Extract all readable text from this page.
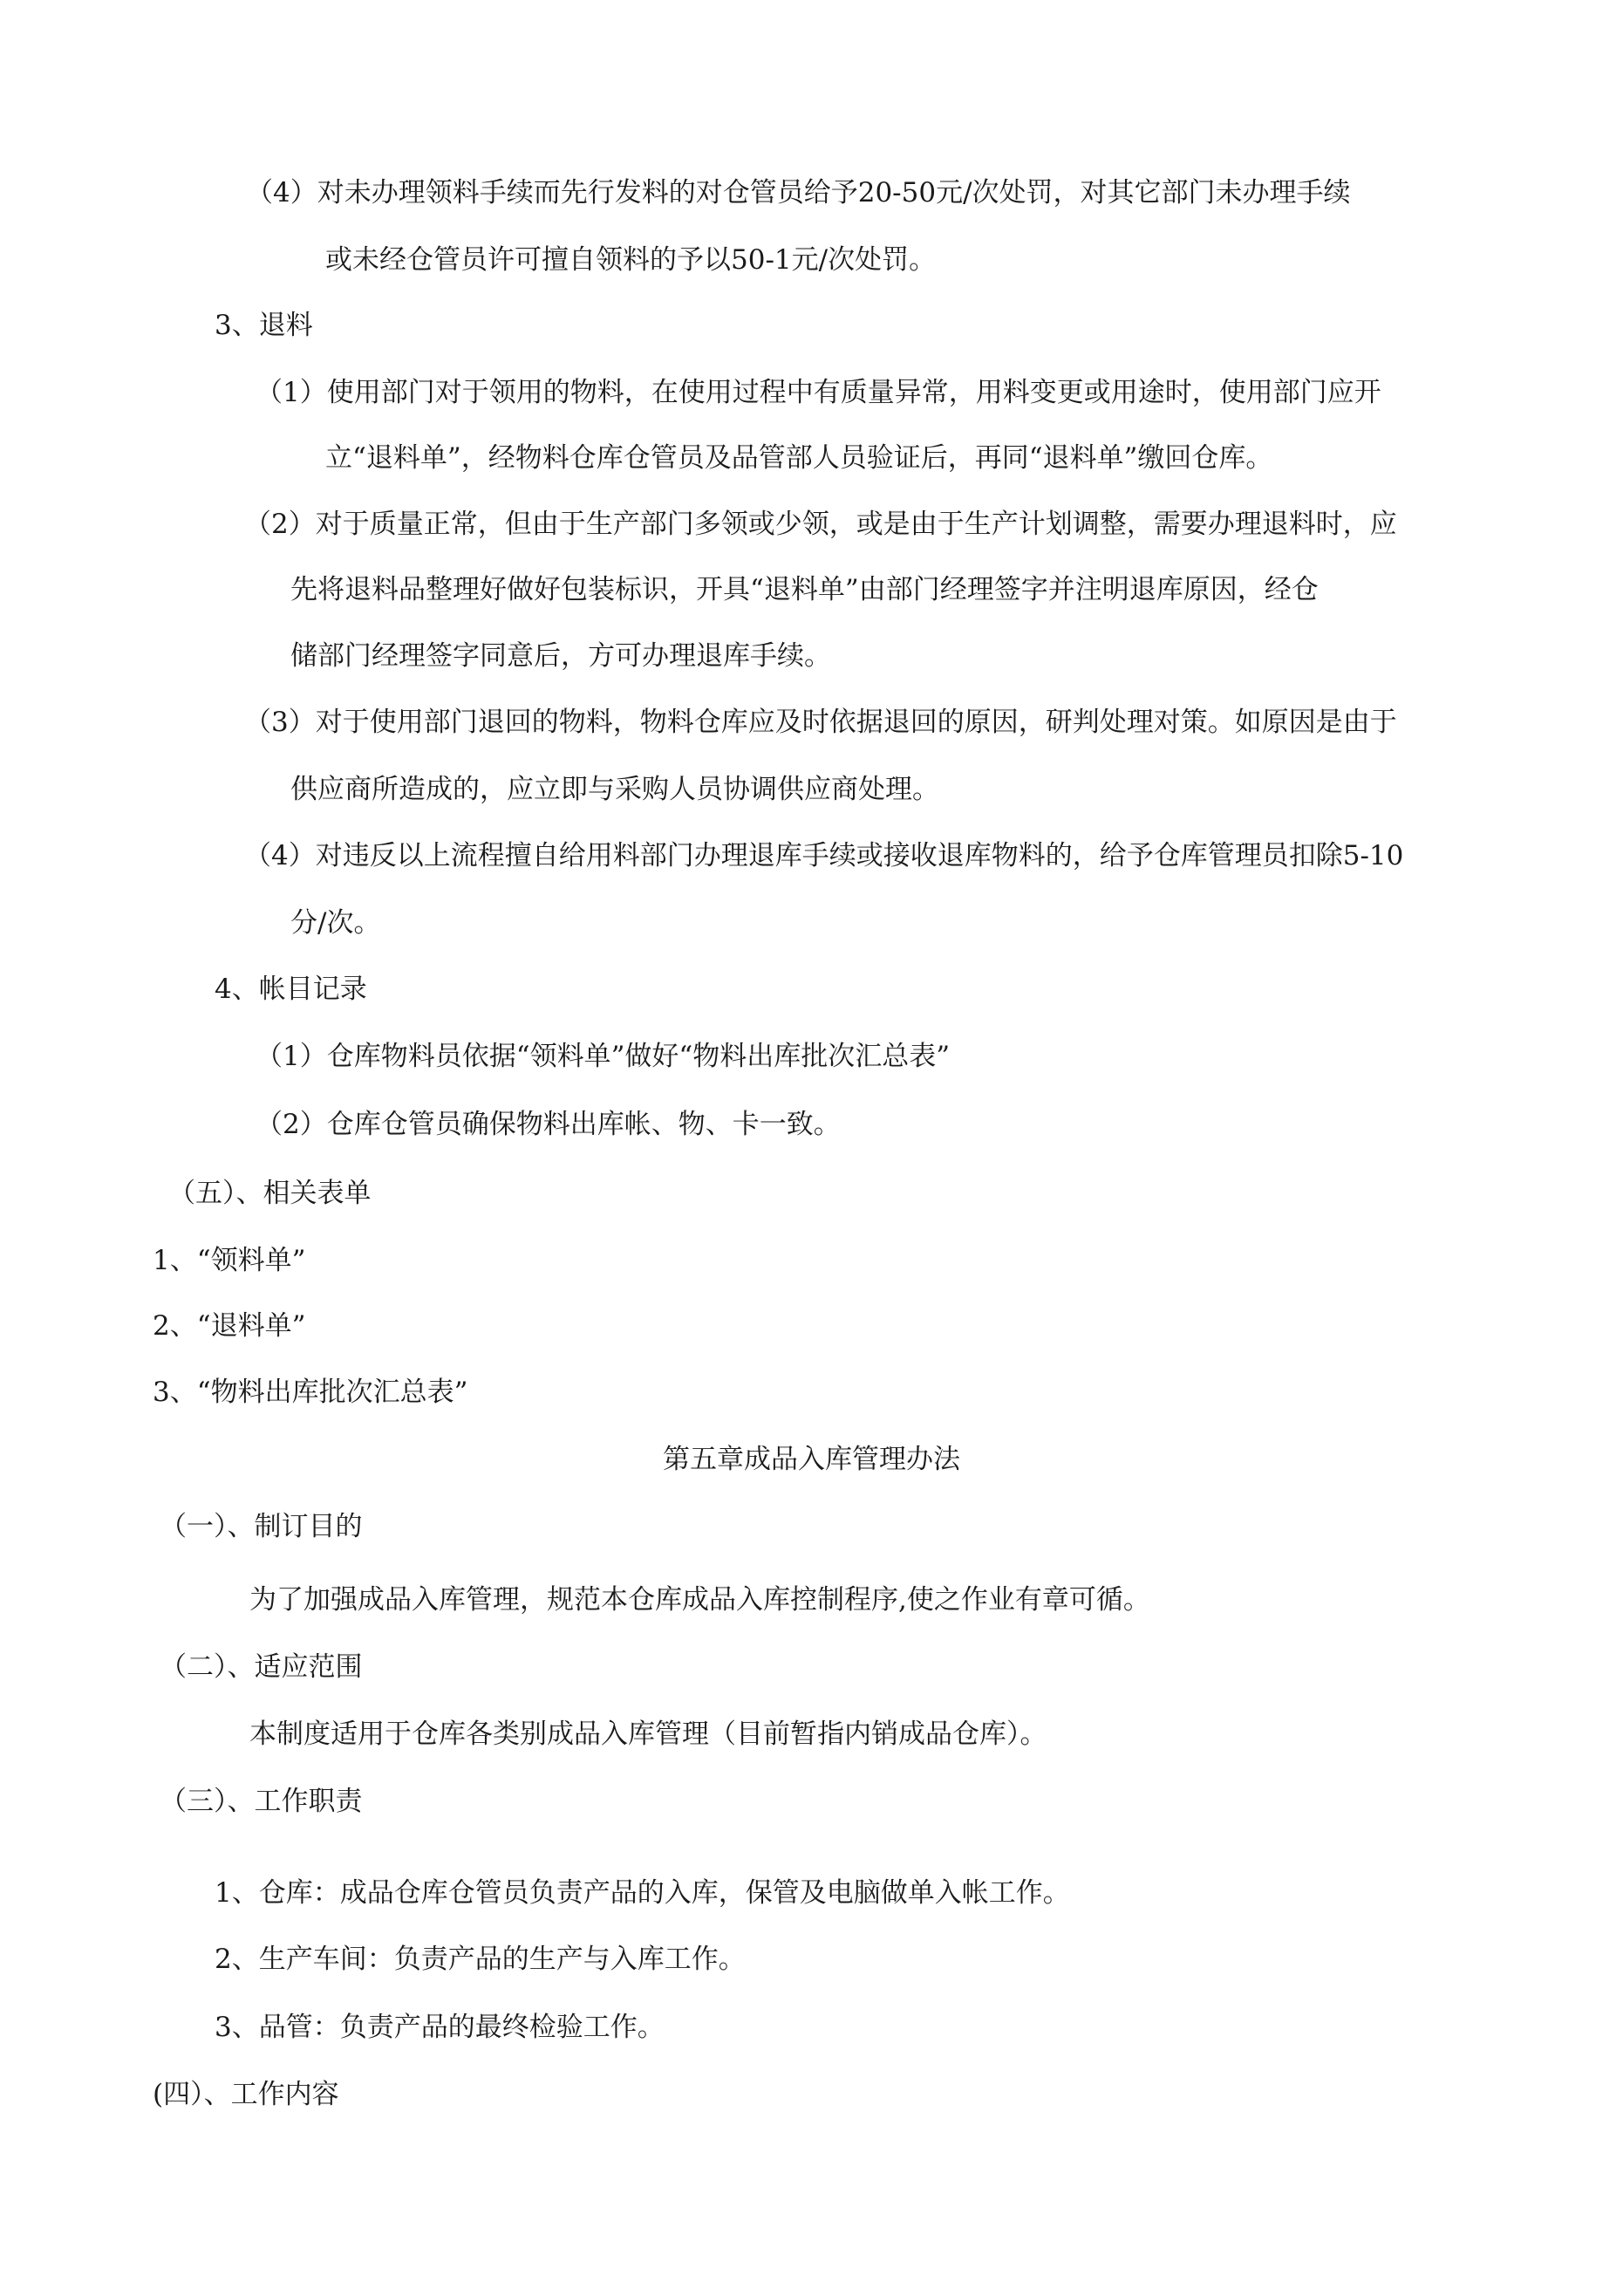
（4）对未办理领料手续而先行发料的对仓管员给予20-50元/次处罚，对其它部门未办理手续
或未经仓管员许可擅自领料的予以50-1元/次处罚。
3、退料
（1）使用部门对于领用的物料，在使用过程中有质量异常，用料变更或用途时，使用部门应开
立“退料单”，经物料仓库仓管员及品管部人员验证后，再同“退料单”缴回仓库。
（2）对于质量正常，但由于生产部门多领或少领，或是由于生产计划调整，需要办理退料时，应
先将退料品整理好做好包装标识，开具“退料单”由部门经理签字并注明退库原因，经仓
储部门经理签字同意后，方可办理退库手续。
（3）对于使用部门退回的物料，物料仓库应及时依据退回的原因，研判处理对策。如原因是由于
供应商所造成的，应立即与采购人员协调供应商处理。
（4）对违反以上流程擅自给用料部门办理退库手续或接收退库物料的，给予仓库管理员扣除5-10
分/次。
4、帐目记录
（1）仓库物料员依据“领料单”做好“物料出库批次汇总表”
（2）仓库仓管员确保物料出库帐、物、卡一致。
（五）、相关表单
1、“领料单”
2、“退料单”
3、“物料出库批次汇总表”
第五章成品入库管理办法
（一）、制订目的
为了加强成品入库管理，规范本仓库成品入库控制程序,使之作业有章可循。
（二）、适应范围
本制度适用于仓库各类别成品入库管理（目前暂指内销成品仓库）。
（三）、工作职责
1、仓库：成品仓库仓管员负责产品的入库，保管及电脑做单入帐工作。
2、生产车间：负责产品的生产与入库工作。
3、品管：负责产品的最终检验工作。
(四）、工作内容
